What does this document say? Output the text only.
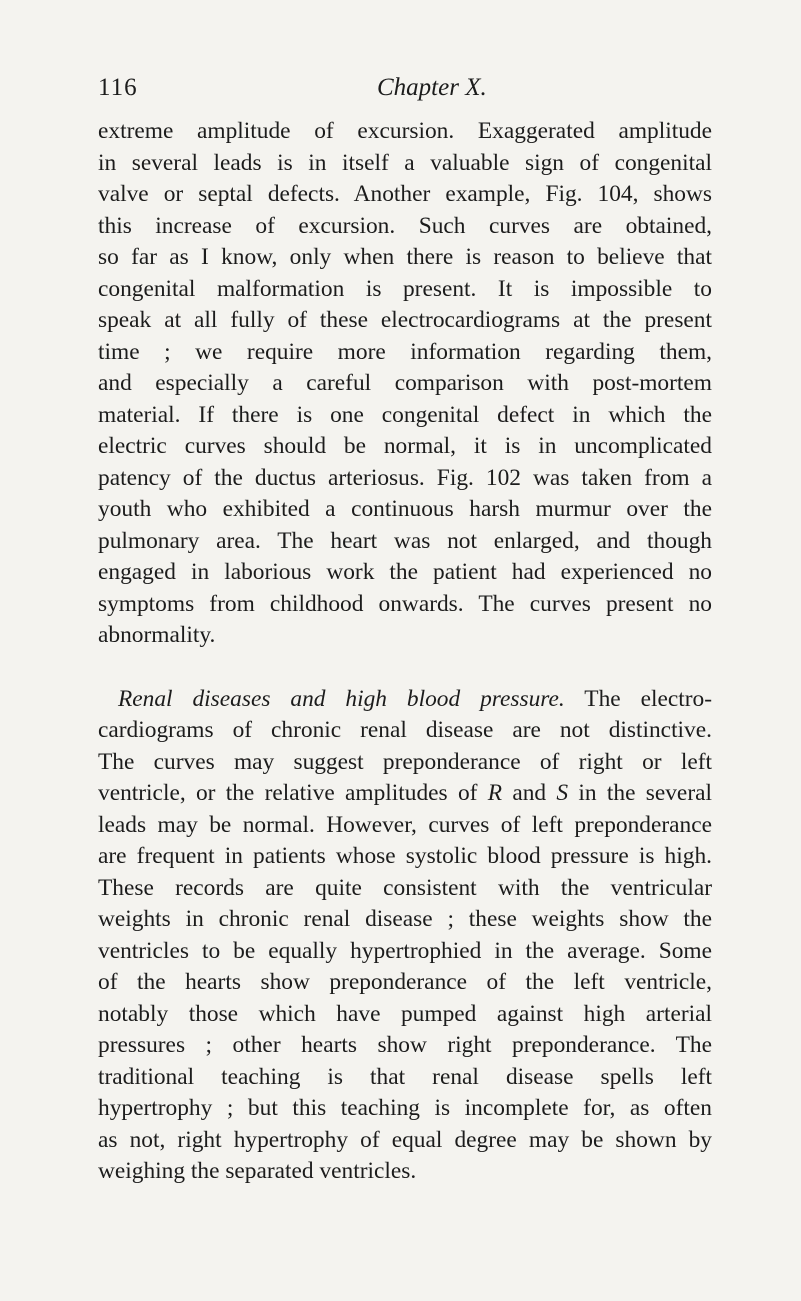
116	Chapter X.

extreme amplitude of excursion. Exaggerated amplitude
in several leads is in itself a valuable sign of congenital
valve or septal defects. Another example, Fig. 104, shows
this increase of excursion. Such curves are obtained,
so far as I know, only when there is reason to believe that
congenital malformation is present. It is impossible to
speak at all fully of these electrocardiograms at the present
time ; we require more information regarding them,
and especially a careful comparison with post-mortem
material. If there is one congenital defect in which the
electric curves should be normal, it is in uncomplicated
patency of the ductus arteriosus. Fig. 102 was taken from a
youth who exhibited a continuous harsh murmur over the
pulmonary area. The heart was not enlarged, and though
engaged in laborious work the patient had experienced no
symptoms from childhood onwards. The curves present no
abnormality.

Renal diseases and high blood pressure. The electro-
cardiograms of chronic renal disease are not distinctive.
The curves may suggest preponderance of right or left
ventricle, or the relative amplitudes of R and S in the several
leads may be normal. However, curves of left preponderance
are frequent in patients whose systolic blood pressure is high.
These records are quite consistent with the ventricular
weights in chronic renal disease ; these weights show the
ventricles to be equally hypertrophied in the average. Some
of the hearts show preponderance of the left ventricle,
notably those which have pumped against high arterial
pressures ; other hearts show right preponderance. The
traditional teaching is that renal disease spells left
hypertrophy ; but this teaching is incomplete for, as often
as not, right hypertrophy of equal degree may be shown by
weighing the separated ventricles.
